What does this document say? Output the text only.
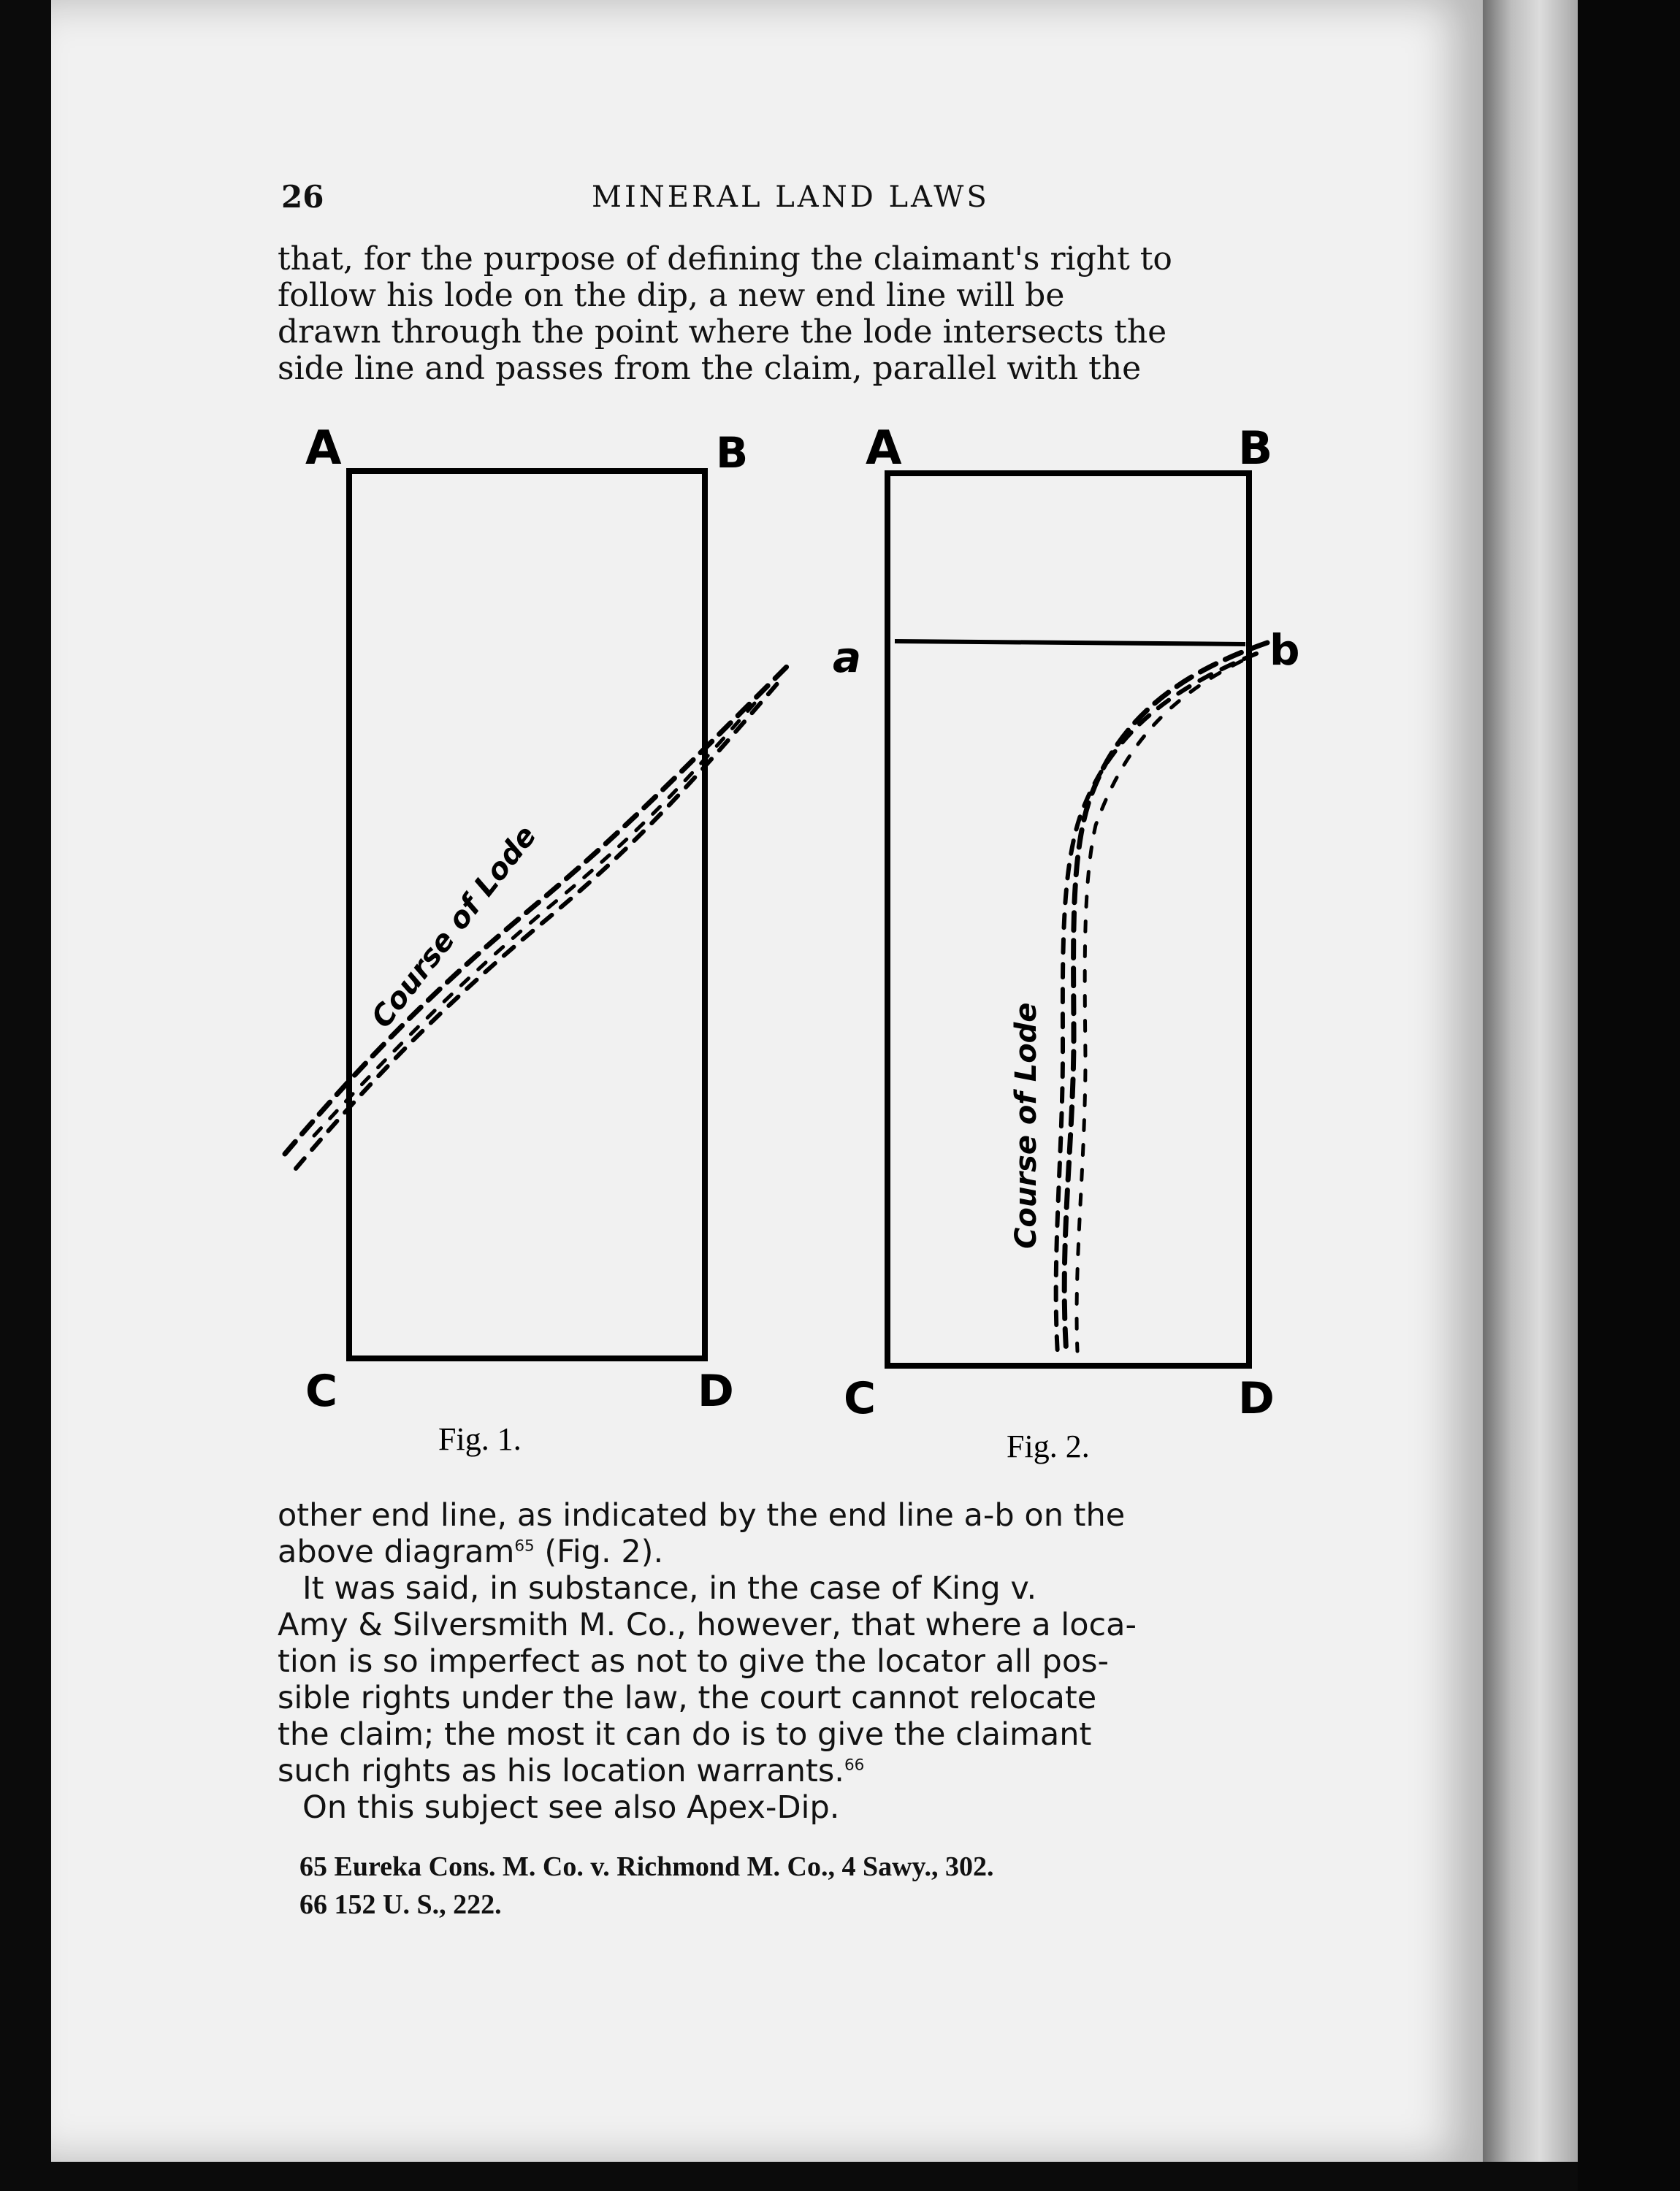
26	MINERAL LAND LAWS
that, for the purpose of defining the claimant's right to
follow his lode on the dip, a new end line will be
drawn through the point where the lode intersects the
side line and passes from the claim, parallel with the
A	B
C	D
Course of Lode
Fig. 1.
A	B
C	D
a	b
Course of Lode
Fig. 2.
other end line, as indicated by the end line a-b on the
above diagram$^{65}$ (Fig. 2).
It was said, in substance, in the case of King v.
Amy & Silversmith M. Co., however, that where a loca-
tion is so imperfect as not to give the locator all pos-
sible rights under the law, the court cannot relocate
the claim; the most it can do is to give the claimant
such rights as his location warrants.$^{66}$
On this subject see also Apex-Dip.
65 Eureka Cons. M. Co. v. Richmond M. Co., 4 Sawy., 302.
66 152 U. S., 222.
